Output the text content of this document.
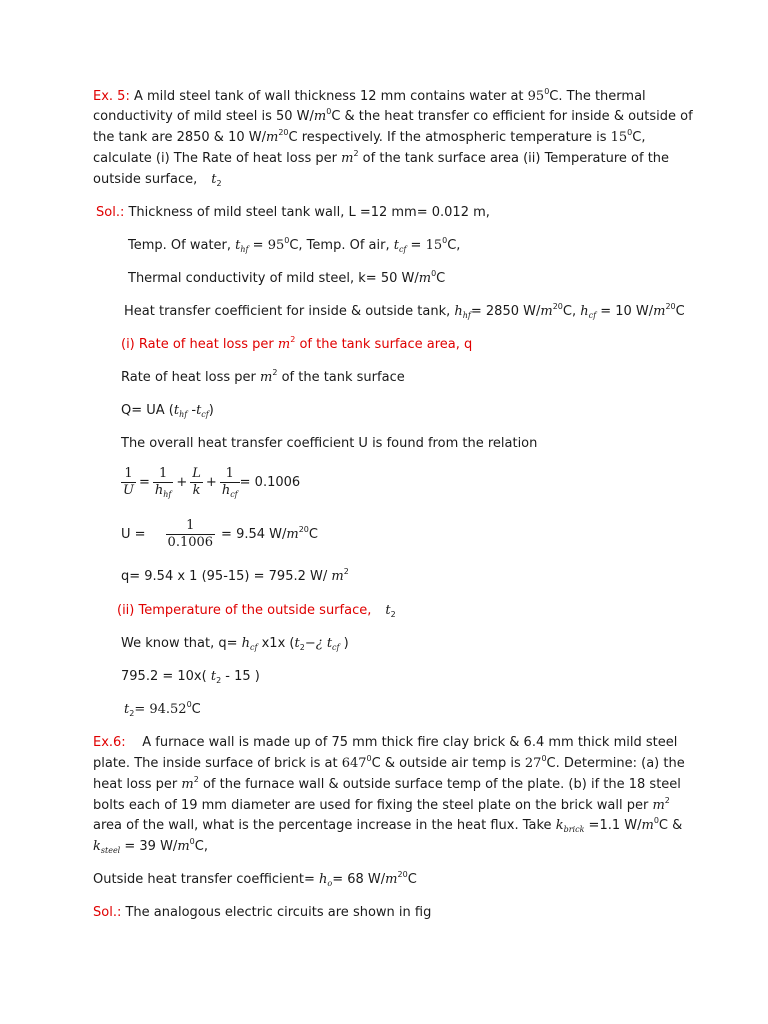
Ex. 5: A mild steel tank of wall thickness 12 mm contains water at $95^0C$. The thermal
conductivity of mild steel is 50 $W/m^0C$ & the heat transfer co efficient for inside & outside of
the tank are 2850 & 10 $W/m^{20}C$ respectively. If the atmospheric temperature is $15^0C$,
calculate (i) The Rate of heat loss per $m^2$ of the tank surface area (ii) Temperature of the
outside surface, $t_2$
Sol.: Thickness of mild steel tank wall, L =12 mm= 0.012 m,
Temp. Of water, $t_{hf} = 95^0C$, Temp. Of air, $t_{cf} = 15^0C$,
Thermal conductivity of mild steel, k= 50 $W/m^0C$
Heat transfer coefficient for inside & outside tank, $h_{hf}= 2850$ $W/m^{20}C$, $h_{cf} = 10$ $W/m^{20}C$
(i) Rate of heat loss per $m^2$ of the tank surface area, q
Rate of heat loss per $m^2$ of the tank surface
Q= UA ($t_{hf}$ $-t_{cf}$)
The overall heat transfer coefficient U is found from the relation
$\frac{1}{U} = \frac{1}{h_{hf}} + \frac{L}{k} + \frac{1}{h_{cf}} = 0.1006$
$U = \frac{1}{0.1006} = 9.54$ $W/m^{20}C$
q= 9.54 x 1 (95-15) = 795.2 W/ $m^2$
(ii) Temperature of the outside surface, $t_2$
We know that, $q= h_{cf}$ x1x ($t_2-¿$ $t_{cf}$ )
795.2 = 10x( $t_2 - 15$ )
$t_2= 94.52^0C$
Ex.6:    A furnace wall is made up of 75 mm thick fire clay brick & 6.4 mm thick mild steel
plate. The inside surface of brick is at $647^0C$ & outside air temp is $27^0C$. Determine: (a) the
heat loss per $m^2$ of the furnace wall & outside surface temp of the plate. (b) if the 18 steel
bolts each of 19 mm diameter are used for fixing the steel plate on the brick wall per $m^2$
area of the wall, what is the percentage increase in the heat flux. Take $k_{brick} =1.1$ $W/m^0C$ &
$k_{steel} = 39$ $W/m^0C$,
Outside heat transfer coefficient= $h_o= 68$ $W/m^{20}C$
Sol.: The analogous electric circuits are shown in fig
